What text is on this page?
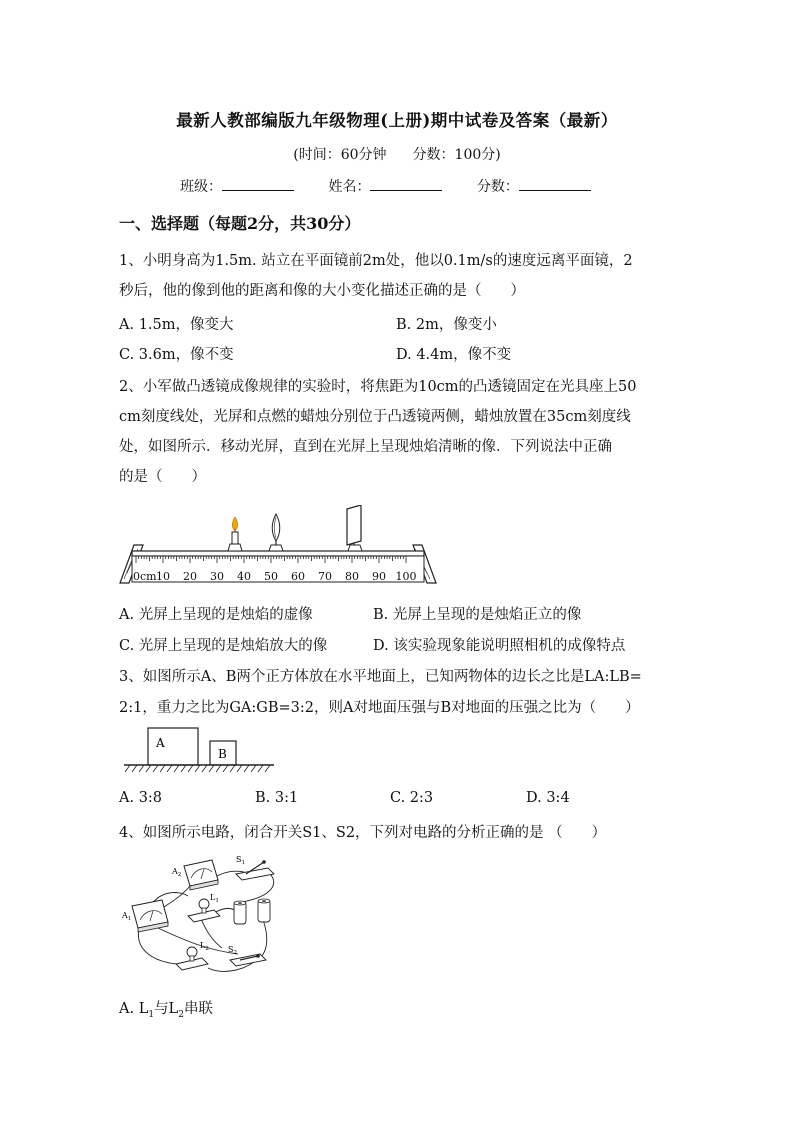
最新人教部编版九年级物理(上册)期中试卷及答案（最新）
(时间：60分钟 分数：100分)
班级：	姓名：	分数：
一、选择题（每题2分，共30分）
1、小明身高为1.5m. 站立在平面镜前2m处，他以0.1m/s的速度远离平面镜，2
秒后，他的像到他的距离和像的大小变化描述正确的是（　　）
A. 1.5m，像变大	B. 2m，像变小
C. 3.6m，像不变	D. 4.4m，像不变
2、小军做凸透镜成像规律的实验时，将焦距为10cm的凸透镜固定在光具座上50
cm刻度线处，光屏和点燃的蜡烛分别位于凸透镜两侧，蜡烛放置在35cm刻度线
处，如图所示．移动光屏，直到在光屏上呈现烛焰清晰的像．下列说法中正确
的是（　　）
0cm 10 20 30 40 50 60 70 80 90 100
A. 光屏上呈现的是烛焰的虚像	B. 光屏上呈现的是烛焰正立的像
C. 光屏上呈现的是烛焰放大的像	D. 该实验现象能说明照相机的成像特点
3、如图所示A、B两个正方体放在水平地面上，已知两物体的边长之比是LA:LB=
2:1，重力之比为GA:GB=3:2，则A对地面压强与B对地面的压强之比为（　　）
A
B
A. 3:8	B. 3:1	C. 2:3	D. 3:4
4、如图所示电路，闭合开关S1、S2，下列对电路的分析正确的是 （　　）
$A_2$
$A_1$
$S_1$
$L_1$
$L_2$ $S_2$
A. $L_1$与$L_2$串联
